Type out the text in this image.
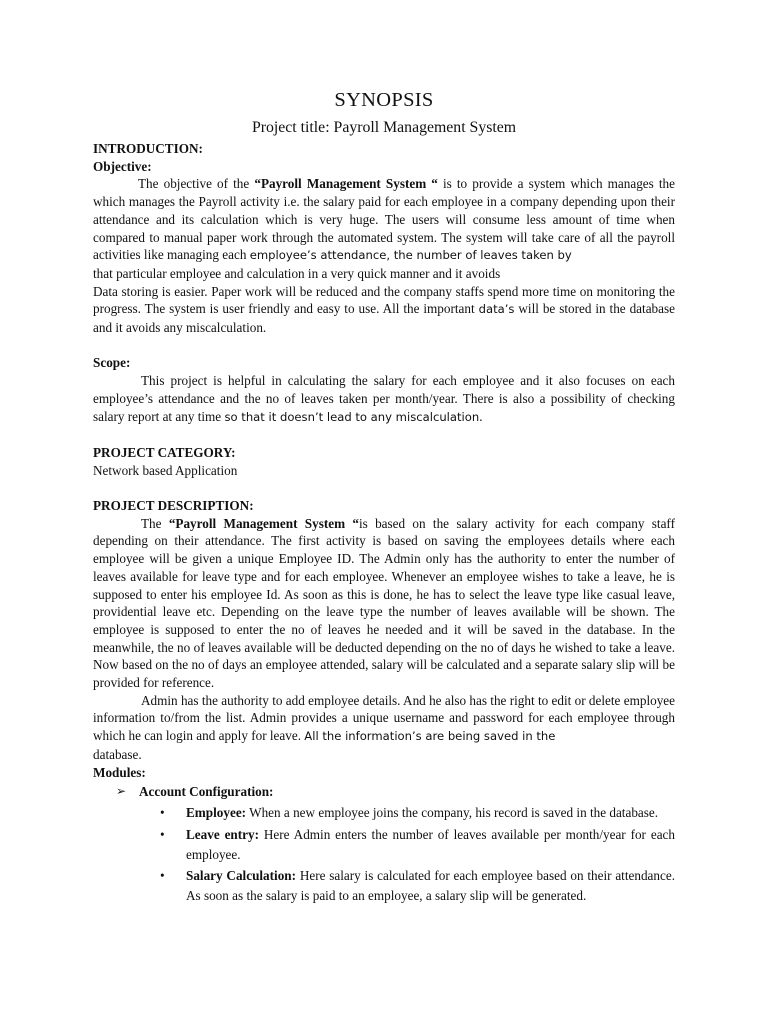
SYNOPSIS
Project title: Payroll Management System
INTRODUCTION:
Objective:

The objective of the “Payroll Management System “ is to provide a system which manages the which manages the Payroll activity i.e. the salary paid for each employee in a company depending upon their attendance and its calculation which is very huge. The users will consume less amount of time when compared to manual paper work through the automated system. The system will take care of all the payroll activities like managing each employee’s attendance, the number of leaves taken by

that particular employee and calculation in a very quick manner and it avoids

Data storing is easier. Paper work will be reduced and the company staffs spend more time on monitoring the progress. The system is user friendly and easy to use. All the important data’s will be stored in the database and it avoids any miscalculation.

Scope:

This project is helpful in calculating the salary for each employee and it also focuses on each employee’s attendance and the no of leaves taken per month/year. There is also a possibility of checking salary report at any time so that it doesn’t lead to any miscalculation.

PROJECT CATEGORY:
Network based Application
PROJECT DESCRIPTION:

The “Payroll Management System “is based on the salary activity for each company staff depending on their attendance. The first activity is based on saving the employees details where each employee will be given a unique Employee ID. The Admin only has the authority to enter the number of leaves available for leave type and for each employee. Whenever an employee wishes to take a leave, he is supposed to enter his employee Id. As soon as this is done, he has to select the leave type like casual leave, providential leave etc. Depending on the leave type the number of leaves available will be shown. The employee is supposed to enter the no of leaves he needed and it will be saved in the database. In the meanwhile, the no of leaves available will be deducted depending on the no of days he wished to take a leave. Now based on the no of days an employee attended, salary will be calculated and a separate salary slip will be provided for reference.

Admin has the authority to add employee details. And he also has the right to edit or delete employee information to/from the list. Admin provides a unique username and password for each employee through which he can login and apply for leave. All the information’s are being saved in the

database.

Modules:
➢ Account Configuration:
• Employee: When a new employee joins the company, his record is saved in the database.
• Leave entry: Here Admin enters the number of leaves available per month/year for each employee.
• Salary Calculation: Here salary is calculated for each employee based on their attendance. As soon as the salary is paid to an employee, a salary slip will be generated.
